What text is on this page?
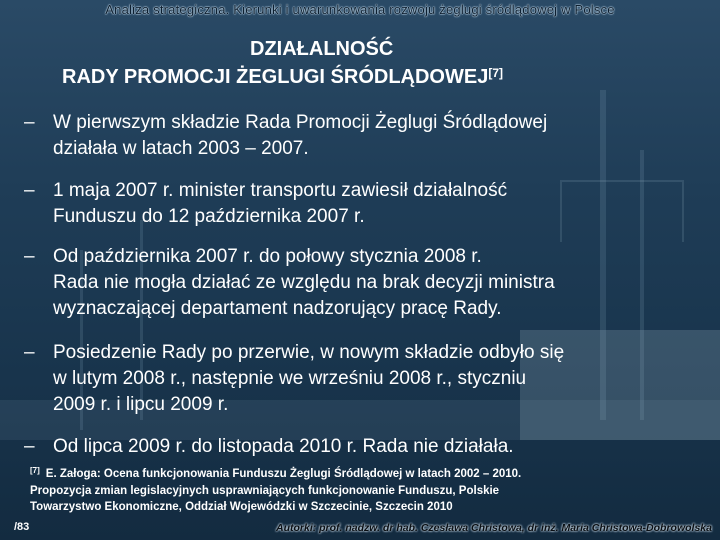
Analiza strategiczna. Kierunki i uwarunkowania rozwoju żeglugi śródlądowej w Polsce
DZIAŁALNOŚĆ
RADY PROMOCJI ŻEGLUGI ŚRÓDLĄDOWEJ[7]
– W pierwszym składzie Rada Promocji Żeglugi Śródlądowej
działała w latach 2003 – 2007.
– 1 maja 2007 r. minister transportu zawiesił działalność
Funduszu do 12 października 2007 r.
– Od października 2007 r. do połowy stycznia 2008 r.
Rada nie mogła działać ze względu na brak decyzji ministra
wyznaczającej departament nadzorujący pracę Rady.
– Posiedzenie Rady po przerwie, w nowym składzie odbyło się
w lutym 2008 r., następnie we wrześniu 2008 r., styczniu
2009 r. i lipcu 2009 r.
– Od lipca 2009 r. do listopada 2010 r. Rada nie działała.
[7] E. Załoga: Ocena funkcjonowania Funduszu Żeglugi Śródlądowej w latach 2002 – 2010.
Propozycja zmian legislacyjnych usprawniających funkcjonowanie Funduszu, Polskie
Towarzystwo Ekonomiczne, Oddział Wojewódzki w Szczecinie, Szczecin 2010
/83	Autorki: prof. nadzw. dr hab. Czesława Christowa, dr inż. Maria Christowa-Dobrowolska
